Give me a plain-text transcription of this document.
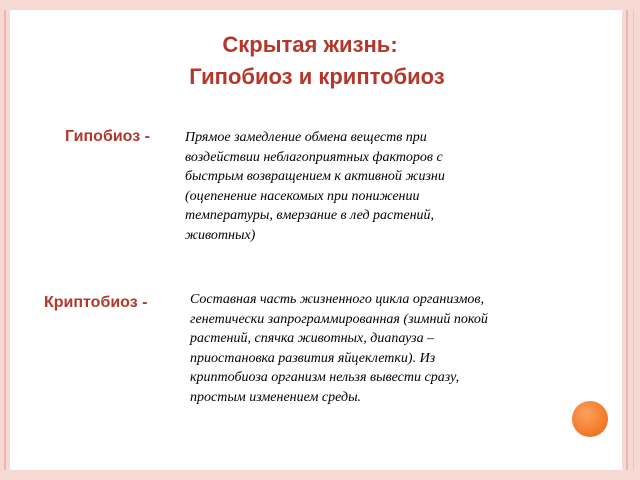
Скрытая жизнь:
Гипобиоз и криптобиоз
Гипобиоз -	Прямое замедление обмена веществ при
воздействии неблагоприятных факторов с
быстрым возвращением к активной жизни
(оцепенение насекомых при понижении
температуры, вмерзание в лед растений,
животных)
Криптобиоз -	Составная часть жизненного цикла организмов,
генетически запрограммированная (зимний покой
растений, спячка животных, диапауза –
приостановка развития яйцеклетки). Из
криптобиоза организм нельзя вывести сразу,
простым изменением среды.
